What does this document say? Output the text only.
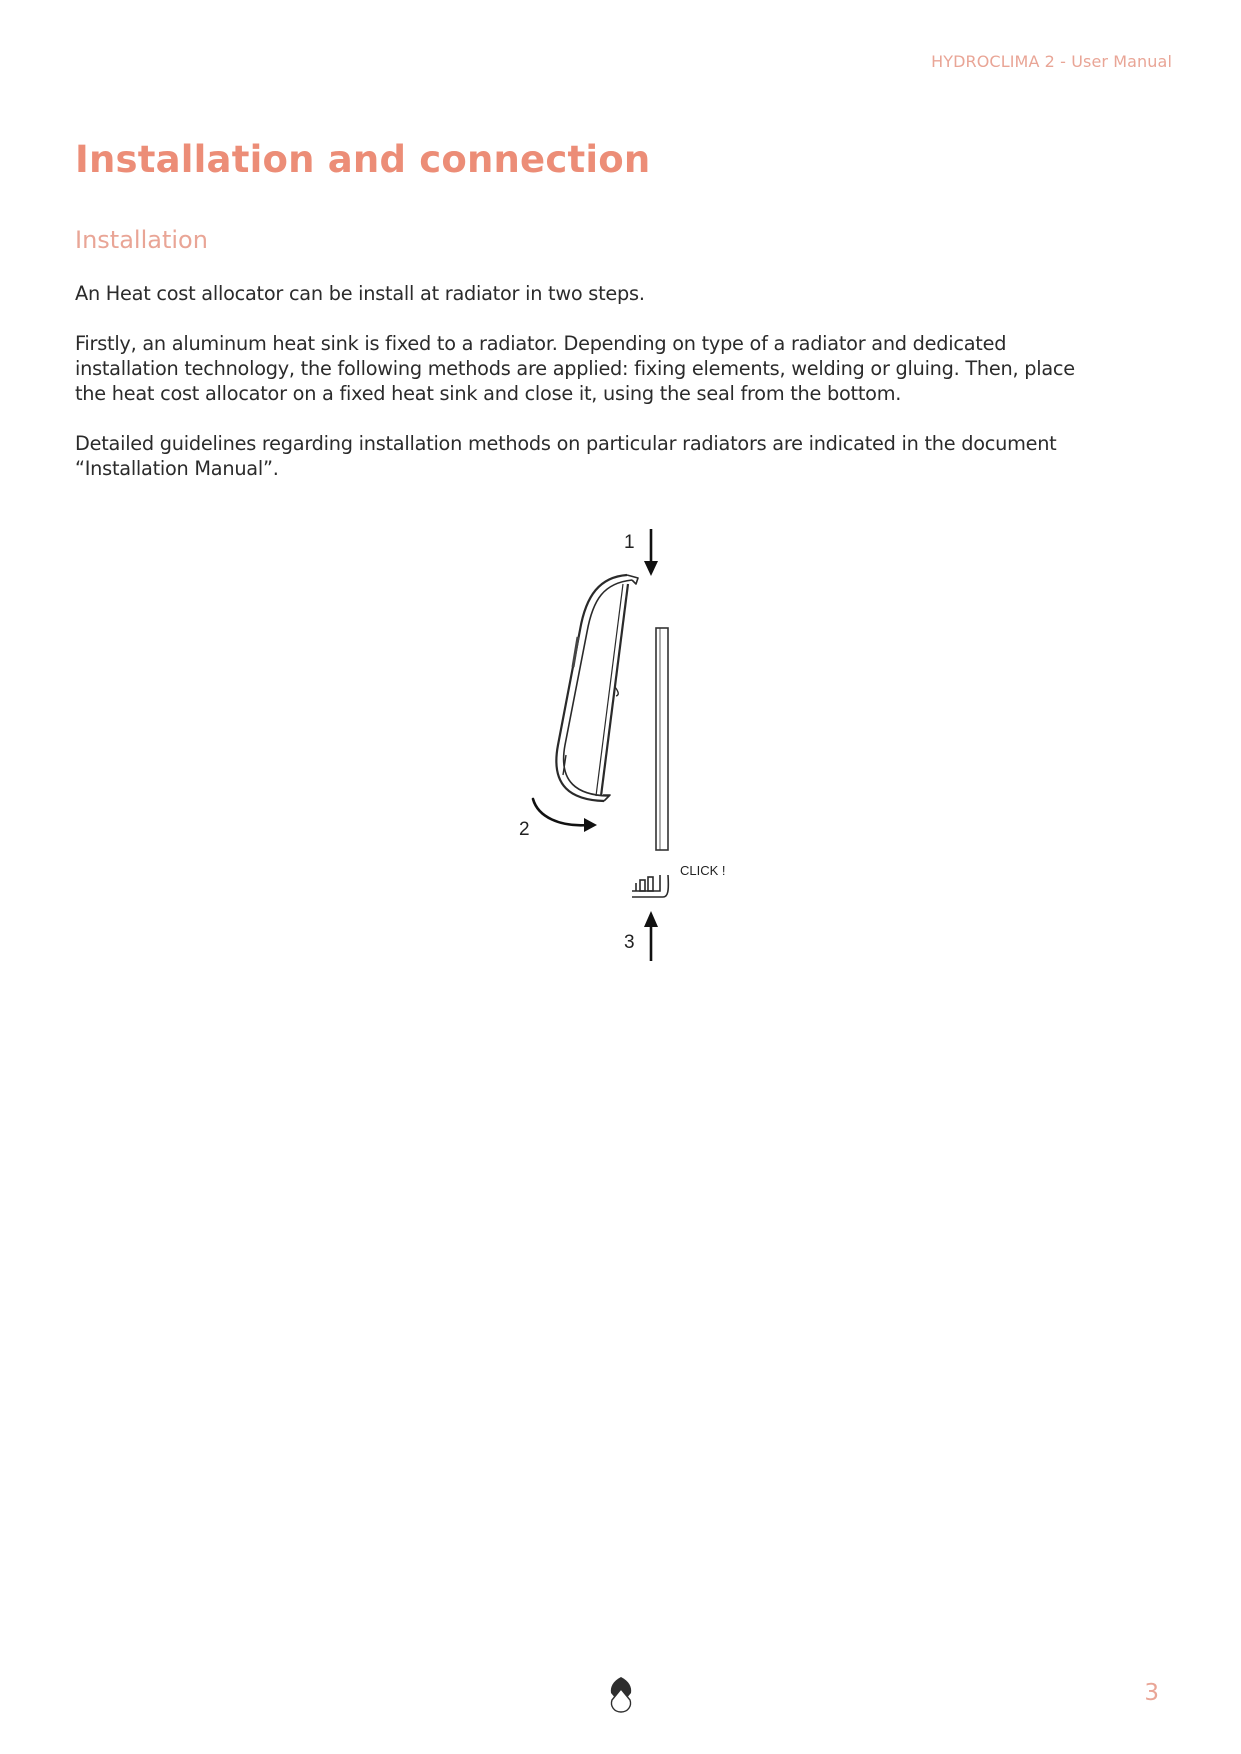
HYDROCLIMA 2 - User Manual
Installation and connection
Installation

An Heat cost allocator can be install at radiator in two steps.

Firstly, an aluminum heat sink is fixed to a radiator. Depending on type of a radiator and dedicated installation technology, the following methods are applied: fixing elements, welding or gluing. Then, place the heat cost allocator on a fixed heat sink and close it, using the seal from the bottom.

Detailed guidelines regarding installation methods on particular radiators are indicated in the document “Installation Manual”.

1
2
CLICK !
3
3
